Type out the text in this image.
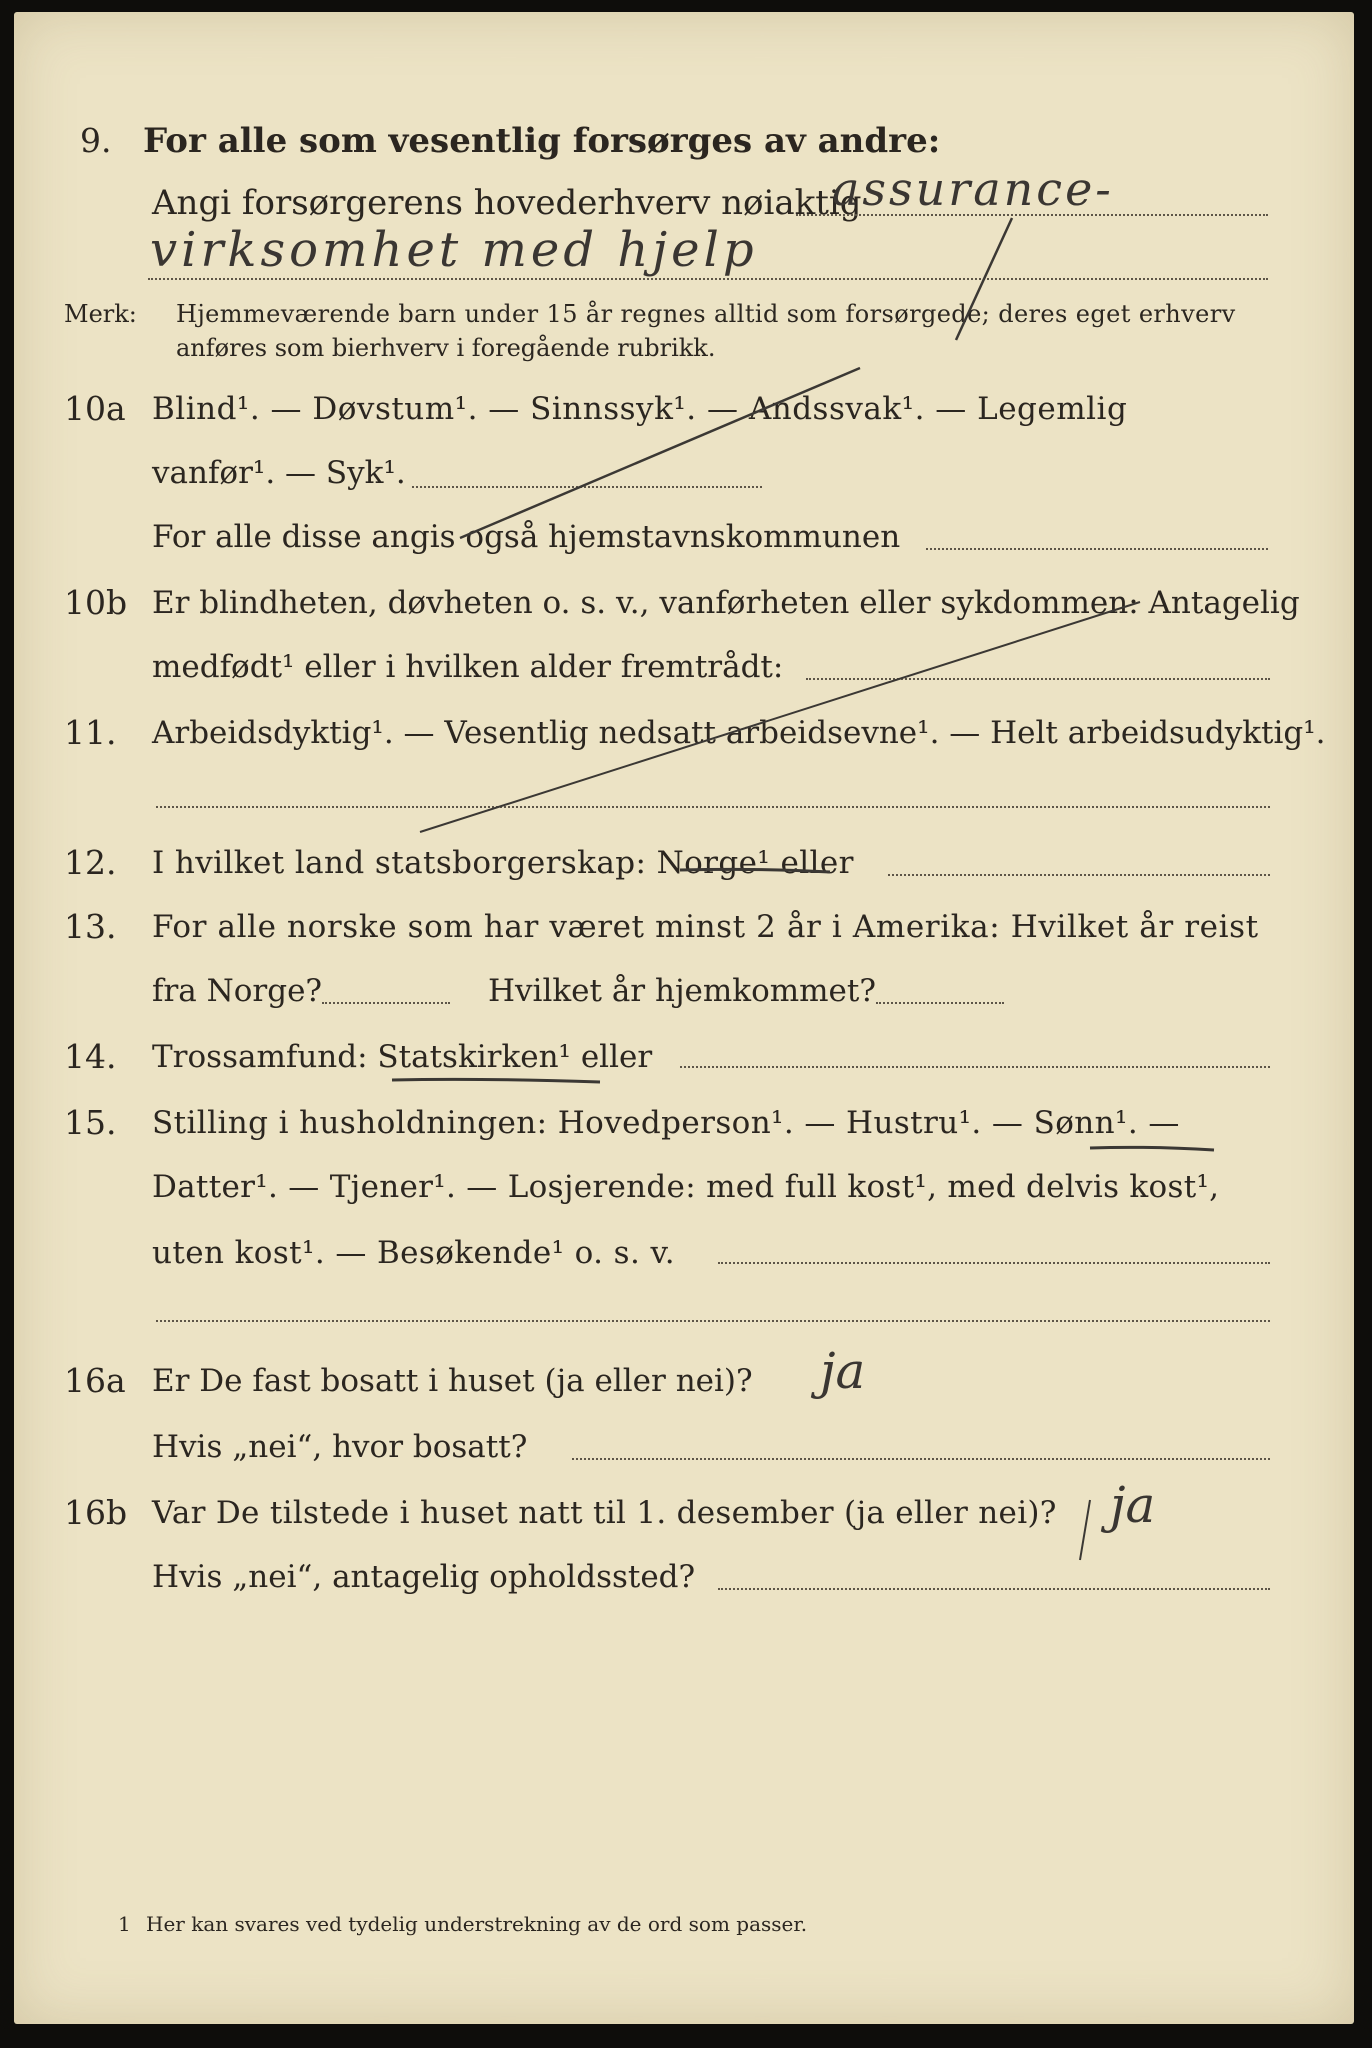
9. For alle som vesentlig forsørges av andre:
Angi forsørgerens hovederhverv nøiaktig
assurance-
virksomhet med hjelp
Merk: Hjemmeværende barn under 15 år regnes alltid som forsørgede; deres eget erhverv
anføres som bierhverv i foregående rubrikk.
10a Blind¹. — Døvstum¹. — Sinnssyk¹. — Andssvak¹. — Legemlig
vanfør¹. — Syk¹.
For alle disse angis også hjemstavnskommunen
10b Er blindheten, døvheten o. s. v., vanførheten eller sykdommen: Antagelig
medfødt¹ eller i hvilken alder fremtrådt:
11. Arbeidsdyktig¹. — Vesentlig nedsatt arbeidsevne¹. — Helt arbeidsudyktig¹.
12. I hvilket land statsborgerskap: Norge¹ eller
13. For alle norske som har været minst 2 år i Amerika: Hvilket år reist
fra Norge?	Hvilket år hjemkommet?
14. Trossamfund: Statskirken¹ eller
15. Stilling i husholdningen: Hovedperson¹. — Hustru¹. — Sønn¹. —
Datter¹. — Tjener¹. — Losjerende: med full kost¹, med delvis kost¹,
uten kost¹. — Besøkende¹ o. s. v.
16a Er De fast bosatt i huset (ja eller nei)? ja
Hvis „nei“, hvor bosatt?
16b Var De tilstede i huset natt til 1. desember (ja eller nei)? ja
Hvis „nei“, antagelig opholdssted?
1 Her kan svares ved tydelig understrekning av de ord som passer.
